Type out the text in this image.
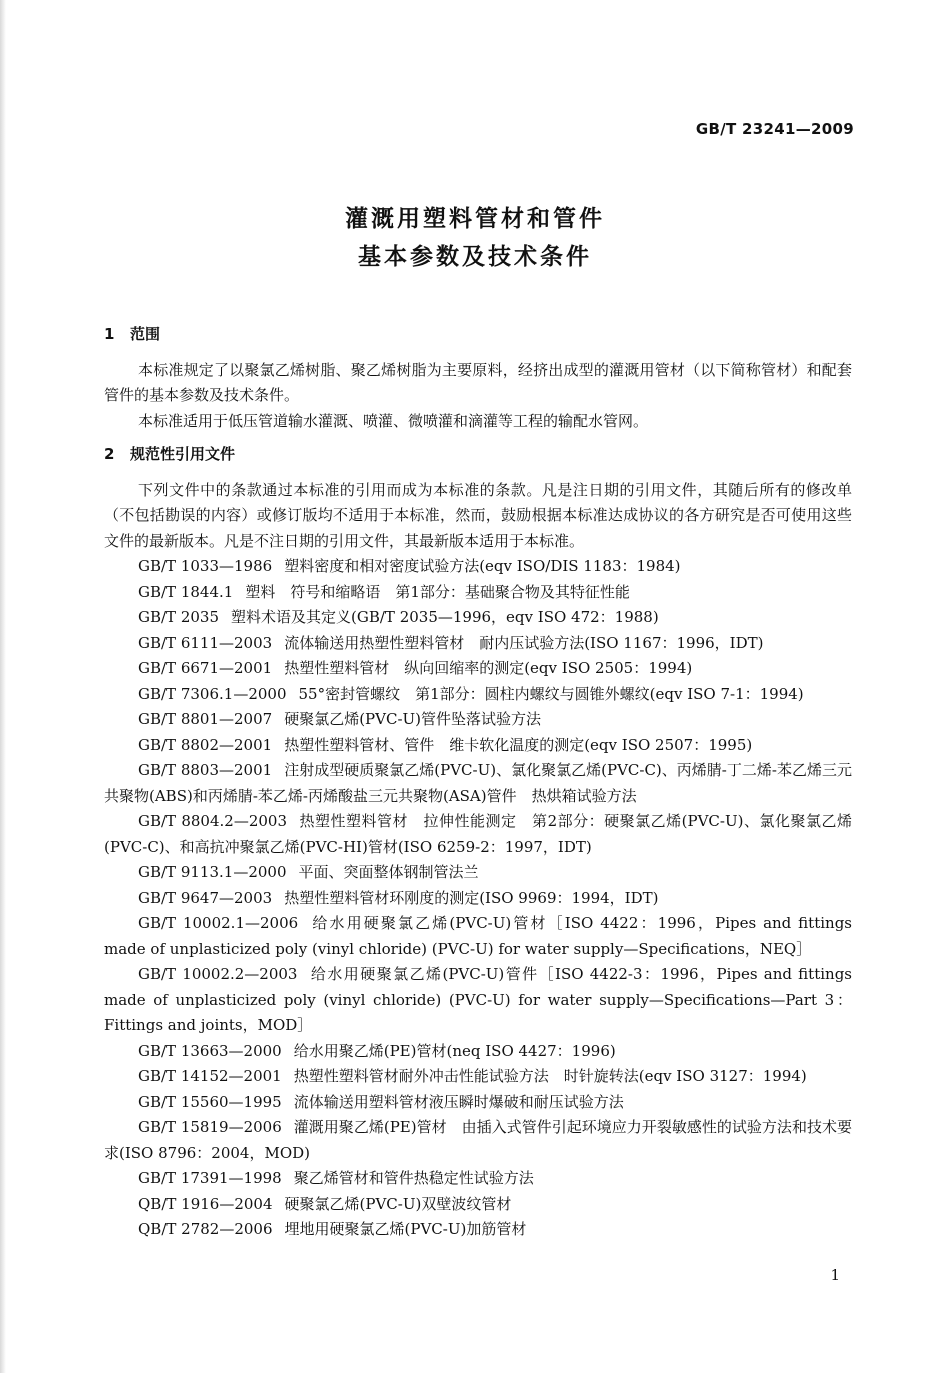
GB/T 23241—2009
灌溉用塑料管材和管件
基本参数及技术条件

1 范围

本标准规定了以聚氯乙烯树脂、聚乙烯树脂为主要原料，经挤出成型的灌溉用管材（以下简称管材）和配套管件的基本参数及技术条件。

本标准适用于低压管道输水灌溉、喷灌、微喷灌和滴灌等工程的输配水管网。

2 规范性引用文件

下列文件中的条款通过本标准的引用而成为本标准的条款。凡是注日期的引用文件，其随后所有的修改单（不包括勘误的内容）或修订版均不适用于本标准，然而，鼓励根据本标准达成协议的各方研究是否可使用这些文件的最新版本。凡是不注日期的引用文件，其最新版本适用于本标准。

GB/T 1033—1986 塑料密度和相对密度试验方法(eqv ISO/DIS 1183：1984)

GB/T 1844.1 塑料　符号和缩略语　第1部分：基础聚合物及其特征性能

GB/T 2035 塑料术语及其定义(GB/T 2035—1996，eqv ISO 472：1988)

GB/T 6111—2003 流体输送用热塑性塑料管材　耐内压试验方法(ISO 1167：1996，IDT)

GB/T 6671—2001 热塑性塑料管材　纵向回缩率的测定(eqv ISO 2505：1994)

GB/T 7306.1—2000 55°密封管螺纹　第1部分：圆柱内螺纹与圆锥外螺纹(eqv ISO 7-1：1994)

GB/T 8801—2007 硬聚氯乙烯(PVC-U)管件坠落试验方法

GB/T 8802—2001 热塑性塑料管材、管件　维卡软化温度的测定(eqv ISO 2507：1995)

GB/T 8803—2001 注射成型硬质聚氯乙烯(PVC-U)、氯化聚氯乙烯(PVC-C)、丙烯腈-丁二烯-苯乙烯三元共聚物(ABS)和丙烯腈-苯乙烯-丙烯酸盐三元共聚物(ASA)管件　热烘箱试验方法

GB/T 8804.2—2003 热塑性塑料管材　拉伸性能测定　第2部分：硬聚氯乙烯(PVC-U)、氯化聚氯乙烯(PVC-C)、和高抗冲聚氯乙烯(PVC-HI)管材(ISO 6259-2：1997，IDT)

GB/T 9113.1—2000 平面、突面整体钢制管法兰

GB/T 9647—2003 热塑性塑料管材环刚度的测定(ISO 9969：1994，IDT)

GB/T 10002.1—2006 给水用硬聚氯乙烯(PVC-U)管材［ISO 4422：1996，Pipes and fittings made of unplasticized poly (vinyl chloride) (PVC-U) for water supply—Specifications，NEQ］

GB/T 10002.2—2003 给水用硬聚氯乙烯(PVC-U)管件［ISO 4422-3：1996，Pipes and fittings made of unplasticized poly (vinyl chloride) (PVC-U) for water supply—Specifications—Part 3：Fittings and joints，MOD］

GB/T 13663—2000 给水用聚乙烯(PE)管材(neq ISO 4427：1996)

GB/T 14152—2001 热塑性塑料管材耐外冲击性能试验方法　时针旋转法(eqv ISO 3127：1994)

GB/T 15560—1995 流体输送用塑料管材液压瞬时爆破和耐压试验方法

GB/T 15819—2006 灌溉用聚乙烯(PE)管材　由插入式管件引起环境应力开裂敏感性的试验方法和技术要求(ISO 8796：2004，MOD)

GB/T 17391—1998 聚乙烯管材和管件热稳定性试验方法

QB/T 1916—2004 硬聚氯乙烯(PVC-U)双壁波纹管材

QB/T 2782—2006 埋地用硬聚氯乙烯(PVC-U)加筋管材

1
